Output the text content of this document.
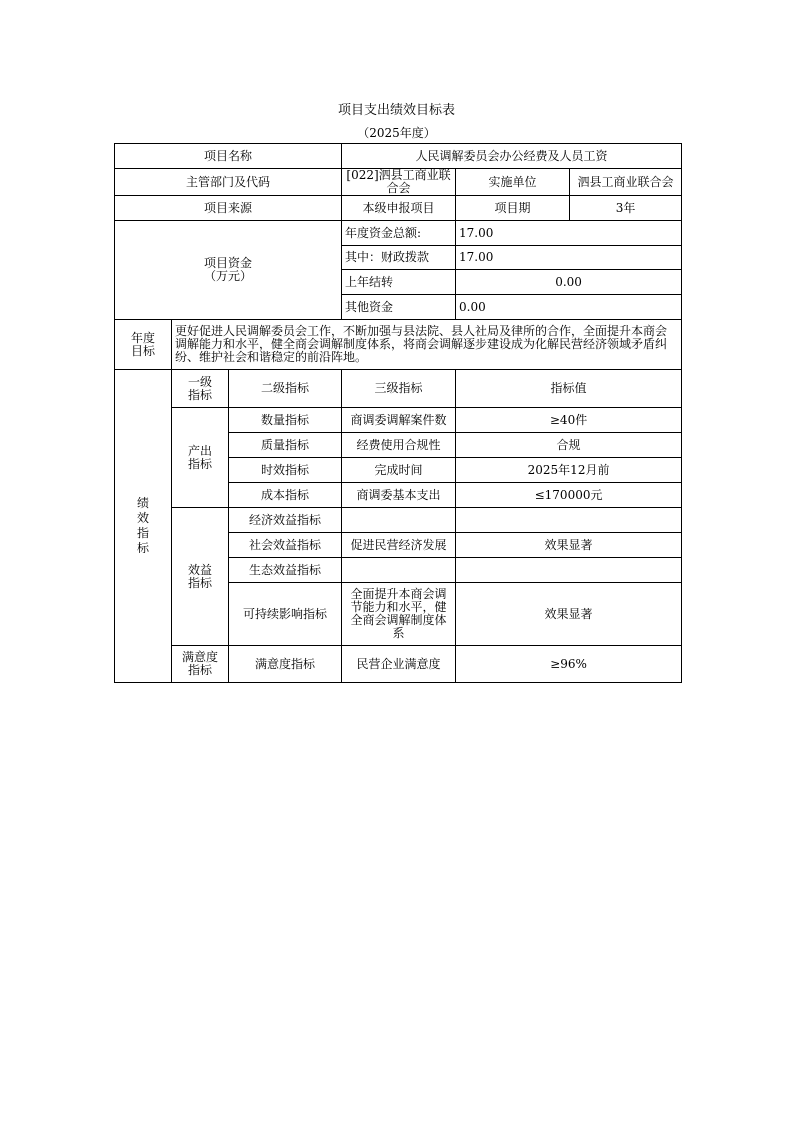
项目支出绩效目标表
（2025年度）
项目名称			人民调解委员会办公经费及人员工资		
主管部门及代码			[022]泗县工商业联合会	实施单位	泗县工商业联合会
项目来源			本级申报项目	项目期	3年

项目资金
（万元）			年度资金总额:	17.00	
			其中：财政拨款	17.00	
			上年结转	0.00	
			其他资金	0.00	

年度目标	更好促进人民调解委员会工作，不断加强与县法院、县人社局及律所的合作，全面提升本商会调解能力和水平，健全商会调解制度体系，将商会调解逐步建设成为化解民营经济领域矛盾纠纷、维护社会和谐稳定的前沿阵地。				

绩效指标	一级指标	二级指标	三级指标	指标值	

	产出指标	数量指标	商调委调解案件数	≥40件	
		质量指标	经费使用合规性	合规	
		时效指标	完成时间	2025年12月前	
		成本指标	商调委基本支出	≤170000元	

	效益指标	经济效益指标			
		社会效益指标	促进民营经济发展	效果显著	
		生态效益指标			
		可持续影响指标	全面提升本商会调节能力和水平，健全商会调解制度体系	效果显著	

	满意度指标	满意度指标	民营企业满意度	≥96%	
